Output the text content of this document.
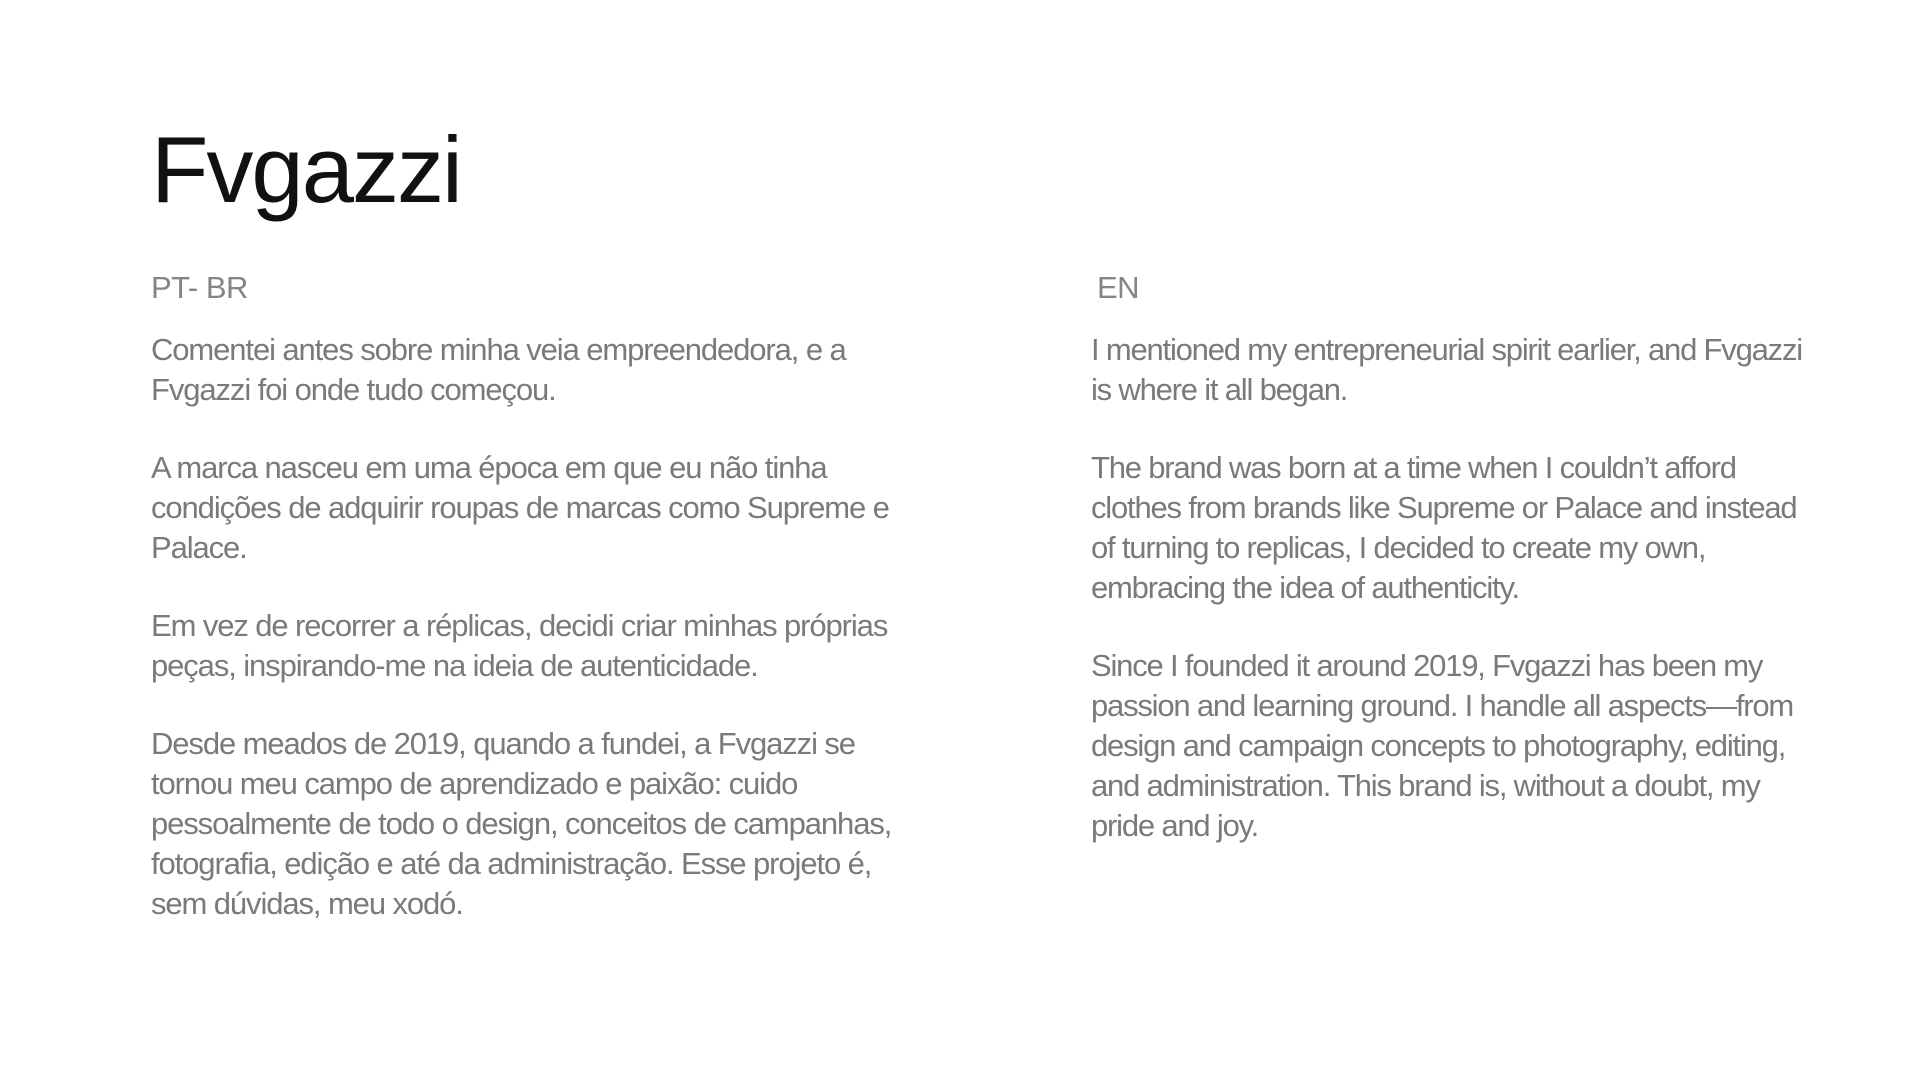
Fvgazzi
PT- BR

Comentei antes sobre minha veia empreendedora, e a Fvgazzi foi onde tudo começou.

A marca nasceu em uma época em que eu não tinha condições de adquirir roupas de marcas como Supreme e Palace.

Em vez de recorrer a réplicas, decidi criar minhas próprias peças, inspirando-me na ideia de autenticidade.

Desde meados de 2019, quando a fundei, a Fvgazzi se tornou meu campo de aprendizado e paixão: cuido pessoalmente de todo o design, conceitos de campanhas, fotografia, edição e até da administração. Esse projeto é, sem dúvidas, meu xodó.

EN

I mentioned my entrepreneurial spirit earlier, and Fvgazzi is where it all began.

The brand was born at a time when I couldn’t afford clothes from brands like Supreme or Palace and instead of turning to replicas, I decided to create my own, embracing the idea of authenticity.

Since I founded it around 2019, Fvgazzi has been my passion and learning ground. I handle all aspects—from design and campaign concepts to photography, editing, and administration. This brand is, without a doubt, my pride and joy.
